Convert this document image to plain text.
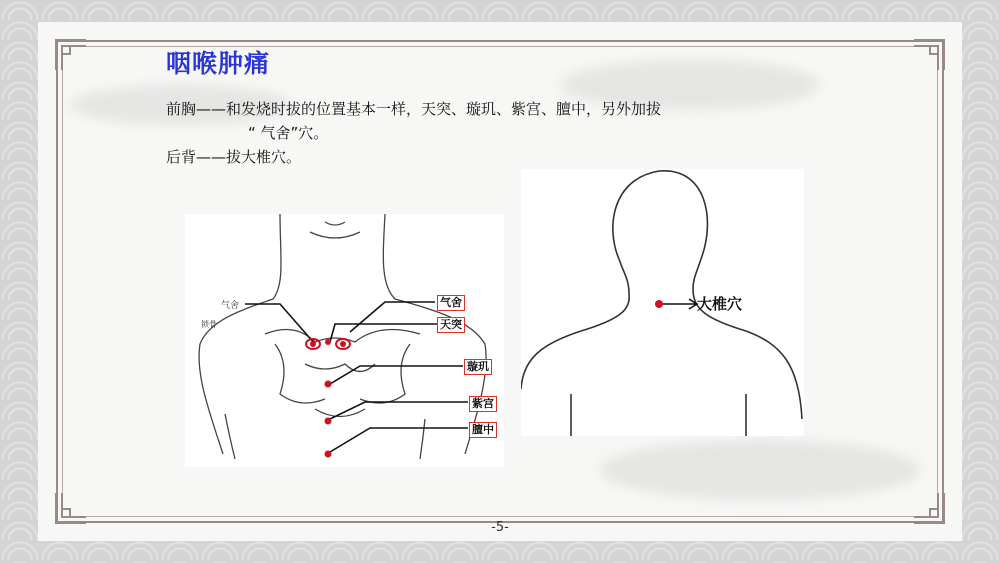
咽喉肿痛
前胸——和发烧时拔的位置基本一样，天突、璇玑、紫宫、膻中，另外加拔
“ 气舍”穴。
后背——拔大椎穴。
气舍
锁骨
气舍
天突
璇玑
紫宫
膻中
大椎穴
-5-
